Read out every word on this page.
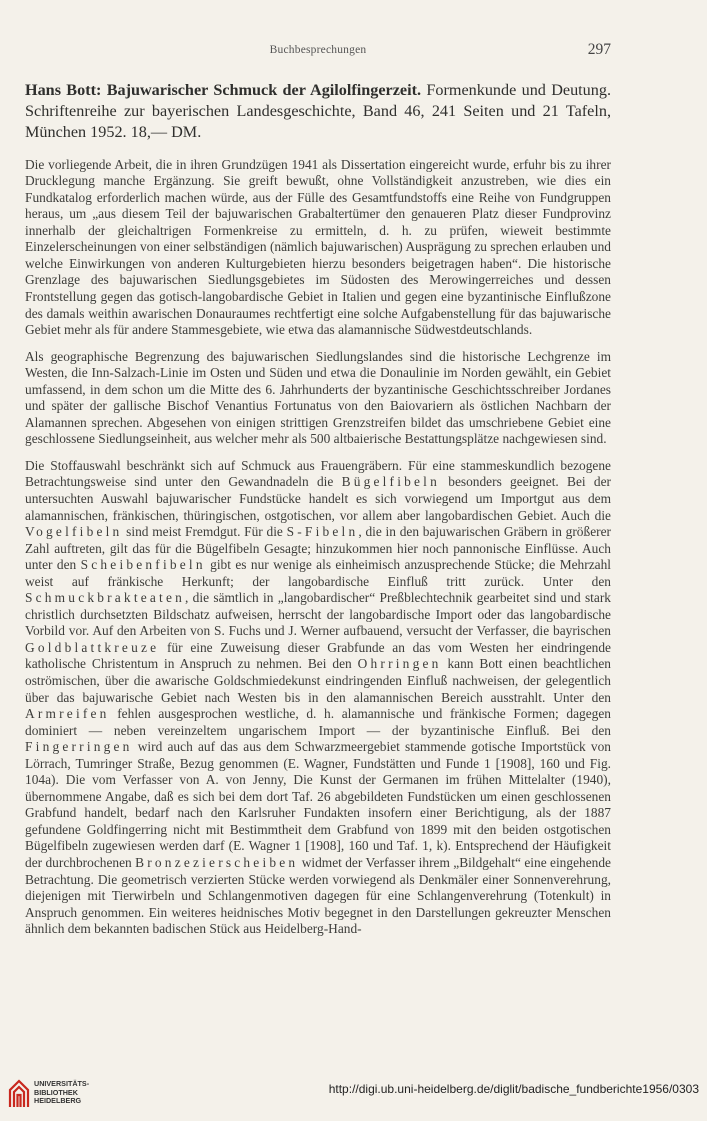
Buchbesprechungen	297

Hans Bott: Bajuwarischer Schmuck der Agilolfingerzeit. Formenkunde und Deutung. Schriftenreihe zur bayerischen Landesgeschichte, Band 46, 241 Seiten und 21 Tafeln, München 1952. 18,— DM.

Die vorliegende Arbeit, die in ihren Grundzügen 1941 als Dissertation eingereicht wurde, erfuhr bis zu ihrer Drucklegung manche Ergänzung. Sie greift bewußt, ohne Vollständigkeit anzustreben, wie dies ein Fundkatalog erforderlich machen würde, aus der Fülle des Gesamtfundstoffs eine Reihe von Fundgruppen heraus, um „aus diesem Teil der bajuwarischen Grabaltertümer den genaueren Platz dieser Fundprovinz innerhalb der gleichaltrigen Formenkreise zu ermitteln, d. h. zu prüfen, wieweit bestimmte Einzelerscheinungen von einer selbständigen (nämlich bajuwarischen) Ausprägung zu sprechen erlauben und welche Einwirkungen von anderen Kulturgebieten hierzu besonders beigetragen haben“. Die historische Grenzlage des bajuwarischen Siedlungsgebietes im Südosten des Merowingerreiches und dessen Frontstellung gegen das gotisch-langobardische Gebiet in Italien und gegen eine byzantinische Einflußzone des damals weithin awarischen Donauraumes rechtfertigt eine solche Aufgabenstellung für das bajuwarische Gebiet mehr als für andere Stammesgebiete, wie etwa das alamannische Südwestdeutschlands.

Als geographische Begrenzung des bajuwarischen Siedlungslandes sind die historische Lechgrenze im Westen, die Inn-Salzach-Linie im Osten und Süden und etwa die Donaulinie im Norden gewählt, ein Gebiet umfassend, in dem schon um die Mitte des 6. Jahrhunderts der byzantinische Geschichtsschreiber Jordanes und später der gallische Bischof Venantius Fortunatus von den Baiovariern als östlichen Nachbarn der Alamannen sprechen. Abgesehen von einigen strittigen Grenzstreifen bildet das umschriebene Gebiet eine geschlossene Siedlungseinheit, aus welcher mehr als 500 altbaierische Bestattungsplätze nachgewiesen sind.

Die Stoffauswahl beschränkt sich auf Schmuck aus Frauengräbern. Für eine stammeskundlich bezogene Betrachtungsweise sind unter den Gewandnadeln die Bügelfibeln besonders geeignet. Bei der untersuchten Auswahl bajuwarischer Fundstücke handelt es sich vorwiegend um Importgut aus dem alamannischen, fränkischen, thüringischen, ostgotischen, vor allem aber langobardischen Gebiet. Auch die Vogelfibeln sind meist Fremdgut. Für die S-Fibeln, die in den bajuwarischen Gräbern in größerer Zahl auftreten, gilt das für die Bügelfibeln Gesagte; hinzukommen hier noch pannonische Einflüsse. Auch unter den Scheibenfibeln gibt es nur wenige als einheimisch anzusprechende Stücke; die Mehrzahl weist auf fränkische Herkunft; der langobardische Einfluß tritt zurück. Unter den Schmuckbrakteaten, die sämtlich in „langobardischer“ Preßblechtechnik gearbeitet sind und stark christlich durchsetzten Bildschatz aufweisen, herrscht der langobardische Import oder das langobardische Vorbild vor. Auf den Arbeiten von S. Fuchs und J. Werner aufbauend, versucht der Verfasser, die bayrischen Goldblattkreuze für eine Zuweisung dieser Grabfunde an das vom Westen her eindringende katholische Christentum in Anspruch zu nehmen. Bei den Ohrringen kann Bott einen beachtlichen oströmischen, über die awarische Goldschmiedekunst eindringenden Einfluß nachweisen, der gelegentlich über das bajuwarische Gebiet nach Westen bis in den alamannischen Bereich ausstrahlt. Unter den Armreifen fehlen ausgesprochen westliche, d. h. alamannische und fränkische Formen; dagegen dominiert — neben vereinzeltem ungarischem Import — der byzantinische Einfluß. Bei den Fingerringen wird auch auf das aus dem Schwarzmeergebiet stammende gotische Importstück von Lörrach, Tumringer Straße, Bezug genommen (E. Wagner, Fundstätten und Funde 1 [1908], 160 und Fig. 104a). Die vom Verfasser von A. von Jenny, Die Kunst der Germanen im frühen Mittelalter (1940), übernommene Angabe, daß es sich bei dem dort Taf. 26 abgebildeten Fundstücken um einen geschlossenen Grabfund handelt, bedarf nach den Karlsruher Fundakten insofern einer Berichtigung, als der 1887 gefundene Goldfingerring nicht mit Bestimmtheit dem Grabfund von 1899 mit den beiden ostgotischen Bügelfibeln zugewiesen werden darf (E. Wagner 1 [1908], 160 und Taf. 1, k). Entsprechend der Häufigkeit der durchbrochenen Bronzezierscheiben widmet der Verfasser ihrem „Bildgehalt“ eine eingehende Betrachtung. Die geometrisch verzierten Stücke werden vorwiegend als Denkmäler einer Sonnenverehrung, diejenigen mit Tierwirbeln und Schlangenmotiven dagegen für eine Schlangenverehrung (Totenkult) in Anspruch genommen. Ein weiteres heidnisches Motiv begegnet in den Darstellungen gekreuzter Menschen ähnlich dem bekannten badischen Stück aus Heidelberg-Hand-

UNIVERSITÄTS-
BIBLIOTHEK
HEIDELBERG
http://digi.ub.uni-heidelberg.de/diglit/badische_fundberichte1956/0303
